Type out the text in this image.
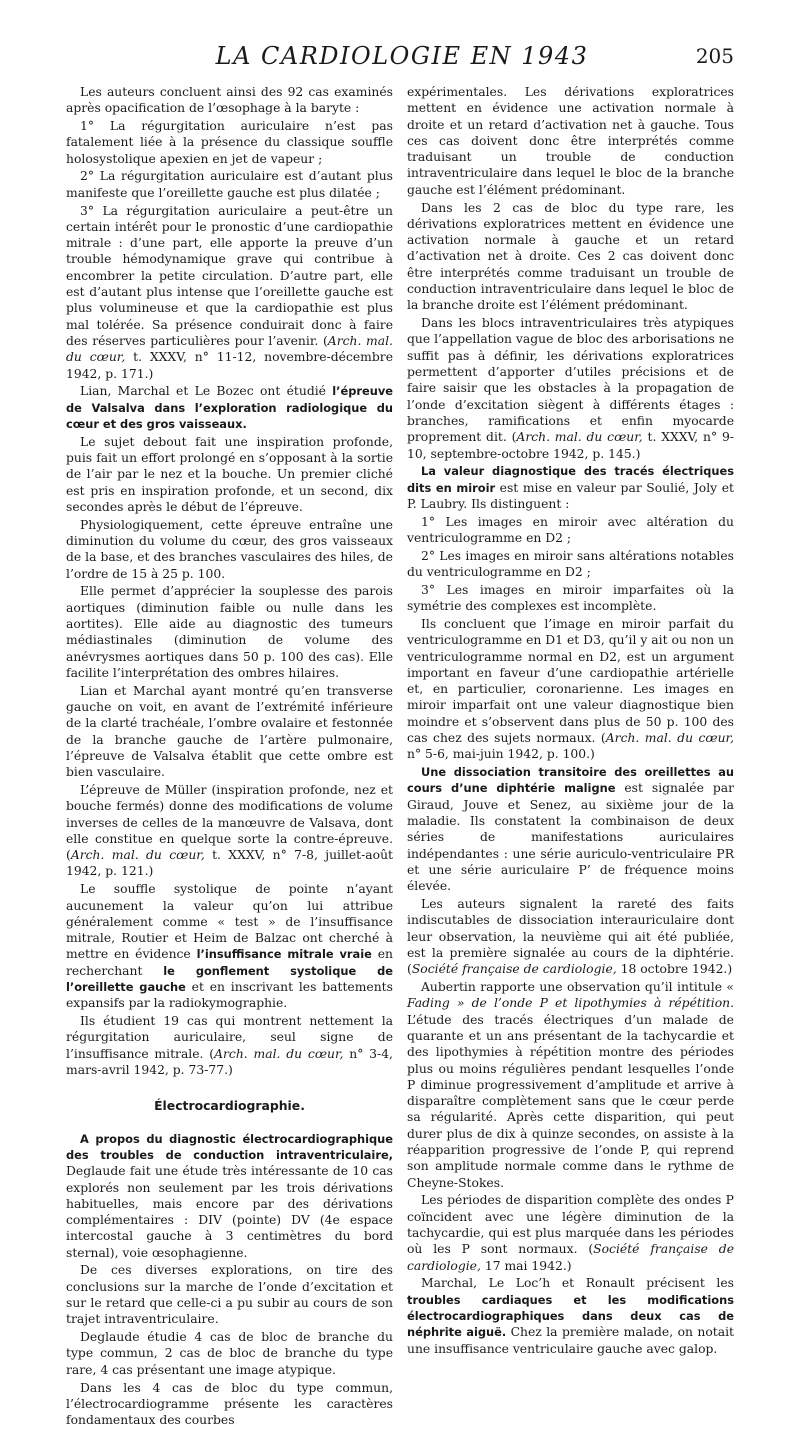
LA CARDIOLOGIE EN 1943	205

Les auteurs concluent ainsi des 92 cas examinés après opacification de l’œsophage à la baryte :

1° La régurgitation auriculaire n’est pas fatalement liée à la présence du classique souffle holosystolique apexien en jet de vapeur ;

2° La régurgitation auriculaire est d’autant plus manifeste que l’oreillette gauche est plus dilatée ;

3° La régurgitation auriculaire a peut-être un certain intérêt pour le pronostic d’une cardiopathie mitrale : d’une part, elle apporte la preuve d’un trouble hémodynamique grave qui contribue à encombrer la petite circulation. D’autre part, elle est d’autant plus intense que l’oreillette gauche est plus volumineuse et que la cardiopathie est plus mal tolérée. Sa présence conduirait donc à faire des réserves particulières pour l’avenir. (Arch. mal. du cœur, t. XXXV, n° 11-12, novembre-décembre 1942, p. 171.)

Lian, Marchal et Le Bozec ont étudié l’épreuve de Valsalva dans l’exploration radiologique du cœur et des gros vaisseaux.

Le sujet debout fait une inspiration profonde, puis fait un effort prolongé en s’opposant à la sortie de l’air par le nez et la bouche. Un premier cliché est pris en inspiration profonde, et un second, dix secondes après le début de l’épreuve.

Physiologiquement, cette épreuve entraîne une diminution du volume du cœur, des gros vaisseaux de la base, et des branches vasculaires des hiles, de l’ordre de 15 à 25 p. 100.

Elle permet d’apprécier la souplesse des parois aortiques (diminution faible ou nulle dans les aortites). Elle aide au diagnostic des tumeurs médiastinales (diminution de volume des anévrysmes aortiques dans 50 p. 100 des cas). Elle facilite l’interprétation des ombres hilaires.

Lian et Marchal ayant montré qu’en transverse gauche on voit, en avant de l’extrémité inférieure de la clarté trachéale, l’ombre ovalaire et festonnée de la branche gauche de l’artère pulmonaire, l’épreuve de Valsalva établit que cette ombre est bien vasculaire.

L’épreuve de Müller (inspiration profonde, nez et bouche fermés) donne des modifications de volume inverses de celles de la manœuvre de Valsava, dont elle constitue en quelque sorte la contre-épreuve. (Arch. mal. du cœur, t. XXXV, n° 7-8, juillet-août 1942, p. 121.)

Le souffle systolique de pointe n’ayant aucunement la valeur qu’on lui attribue généralement comme « test » de l’insuffisance mitrale, Routier et Heim de Balzac ont cherché à mettre en évidence l’insuffisance mitrale vraie en recherchant le gonflement systolique de l’oreillette gauche et en inscrivant les battements expansifs par la radiokymographie.

Ils étudient 19 cas qui montrent nettement la régurgitation auriculaire, seul signe de l’insuffisance mitrale. (Arch. mal. du cœur, n° 3-4, mars-avril 1942, p. 73-77.)

Électrocardiographie.

A propos du diagnostic électrocardiographique des troubles de conduction intraventriculaire, Deglaude fait une étude très intéressante de 10 cas explorés non seulement par les trois dérivations habituelles, mais encore par des dérivations complémentaires : DIV (pointe) DV (4e espace intercostal gauche à 3 centimètres du bord sternal), voie œsophagienne.

De ces diverses explorations, on tire des conclusions sur la marche de l’onde d’excitation et sur le retard que celle-ci a pu subir au cours de son trajet intraventriculaire.

Deglaude étudie 4 cas de bloc de branche du type commun, 2 cas de bloc de branche du type rare, 4 cas présentant une image atypique.

Dans les 4 cas de bloc du type commun, l’électrocardiogramme présente les caractères fondamentaux des courbes

expérimentales. Les dérivations exploratrices mettent en évidence une activation normale à droite et un retard d’activation net à gauche. Tous ces cas doivent donc être interprétés comme traduisant un trouble de conduction intraventriculaire dans lequel le bloc de la branche gauche est l’élément prédominant.

Dans les 2 cas de bloc du type rare, les dérivations exploratrices mettent en évidence une activation normale à gauche et un retard d’activation net à droite. Ces 2 cas doivent donc être interprétés comme traduisant un trouble de conduction intraventriculaire dans lequel le bloc de la branche droite est l’élément prédominant.

Dans les blocs intraventriculaires très atypiques que l’appellation vague de bloc des arborisations ne suffit pas à définir, les dérivations exploratrices permettent d’apporter d’utiles précisions et de faire saisir que les obstacles à la propagation de l’onde d’excitation siègent à différents étages : branches, ramifications et enfin myocarde proprement dit. (Arch. mal. du cœur, t. XXXV, n° 9-10, septembre-octobre 1942, p. 145.)

La valeur diagnostique des tracés électriques dits en miroir est mise en valeur par Soulié, Joly et P. Laubry. Ils distinguent :

1° Les images en miroir avec altération du ventriculogramme en D2 ;

2° Les images en miroir sans altérations notables du ventriculogramme en D2 ;

3° Les images en miroir imparfaites où la symétrie des complexes est incomplète.

Ils concluent que l’image en miroir parfait du ventriculogramme en D1 et D3, qu’il y ait ou non un ventriculogramme normal en D2, est un argument important en faveur d’une cardiopathie artérielle et, en particulier, coronarienne. Les images en miroir imparfait ont une valeur diagnostique bien moindre et s’observent dans plus de 50 p. 100 des cas chez des sujets normaux. (Arch. mal. du cœur, n° 5-6, mai-juin 1942, p. 100.)

Une dissociation transitoire des oreillettes au cours d’une diphtérie maligne est signalée par Giraud, Jouve et Senez, au sixième jour de la maladie. Ils constatent la combinaison de deux séries de manifestations auriculaires indépendantes : une série auriculo-ventriculaire PR et une série auriculaire P’ de fréquence moins élevée.

Les auteurs signalent la rareté des faits indiscutables de dissociation interauriculaire dont leur observation, la neuvième qui ait été publiée, est la première signalée au cours de la diphtérie. (Société française de cardiologie, 18 octobre 1942.)

Aubertin rapporte une observation qu’il intitule « Fading » de l’onde P et lipothymies à répétition. L’étude des tracés électriques d’un malade de quarante et un ans présentant de la tachycardie et des lipothymies à répétition montre des périodes plus ou moins régulières pendant lesquelles l’onde P diminue progressivement d’amplitude et arrive à disparaître complètement sans que le cœur perde sa régularité. Après cette disparition, qui peut durer plus de dix à quinze secondes, on assiste à la réapparition progressive de l’onde P, qui reprend son amplitude normale comme dans le rythme de Cheyne-Stokes.

Les périodes de disparition complète des ondes P coïncident avec une légère diminution de la tachycardie, qui est plus marquée dans les périodes où les P sont normaux. (Société française de cardiologie, 17 mai 1942.)

Marchal, Le Loc’h et Ronault précisent les troubles cardiaques et les modifications électrocardiographiques dans deux cas de néphrite aiguë. Chez la première malade, on notait une insuffisance ventriculaire gauche avec galop.
